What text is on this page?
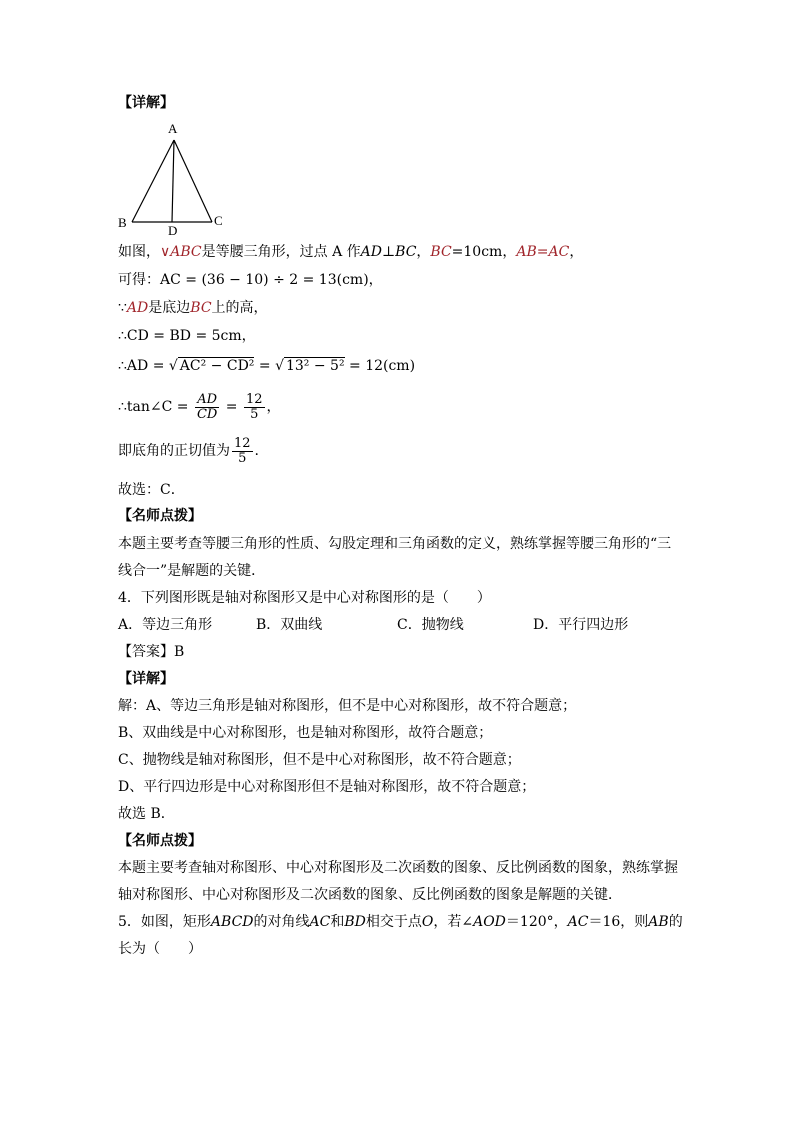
【详解】
A
B	C
D
如图，∨ABC是等腰三角形，过点 A 作AD⊥BC，BC=10cm，AB=AC，
可得：AC = (36 − 10) ÷ 2 = 13(cm)，
∵AD是底边BC上的高，
∴CD = BD = 5cm，
∴AD = √ AC² − CD² = √ 13² − 5² = 12(cm)
∴tan∠C = $\frac{AD}{CD} = \frac{12}{5}$ ，
即底角的正切值为 $\frac{12}{5}$ .
故选：C．
【名师点拨】
本题主要考查等腰三角形的性质、勾股定理和三角函数的定义，熟练掌握等腰三角形的“三
线合一”是解题的关键．
4．下列图形既是轴对称图形又是中心对称图形的是（　　）
A．等边三角形	B．双曲线	C．抛物线	D．平行四边形
【答案】B
【详解】
解：A、等边三角形是轴对称图形，但不是中心对称图形，故不符合题意；
B、双曲线是中心对称图形，也是轴对称图形，故符合题意；
C、抛物线是轴对称图形，但不是中心对称图形，故不符合题意；
D、平行四边形是中心对称图形但不是轴对称图形，故不符合题意；
故选 B．
【名师点拨】
本题主要考查轴对称图形、中心对称图形及二次函数的图象、反比例函数的图象，熟练掌握
轴对称图形、中心对称图形及二次函数的图象、反比例函数的图象是解题的关键．
5．如图，矩形ABCD的对角线AC和BD相交于点O，若∠AOD＝120°，AC＝16，则AB的
长为（　　）
